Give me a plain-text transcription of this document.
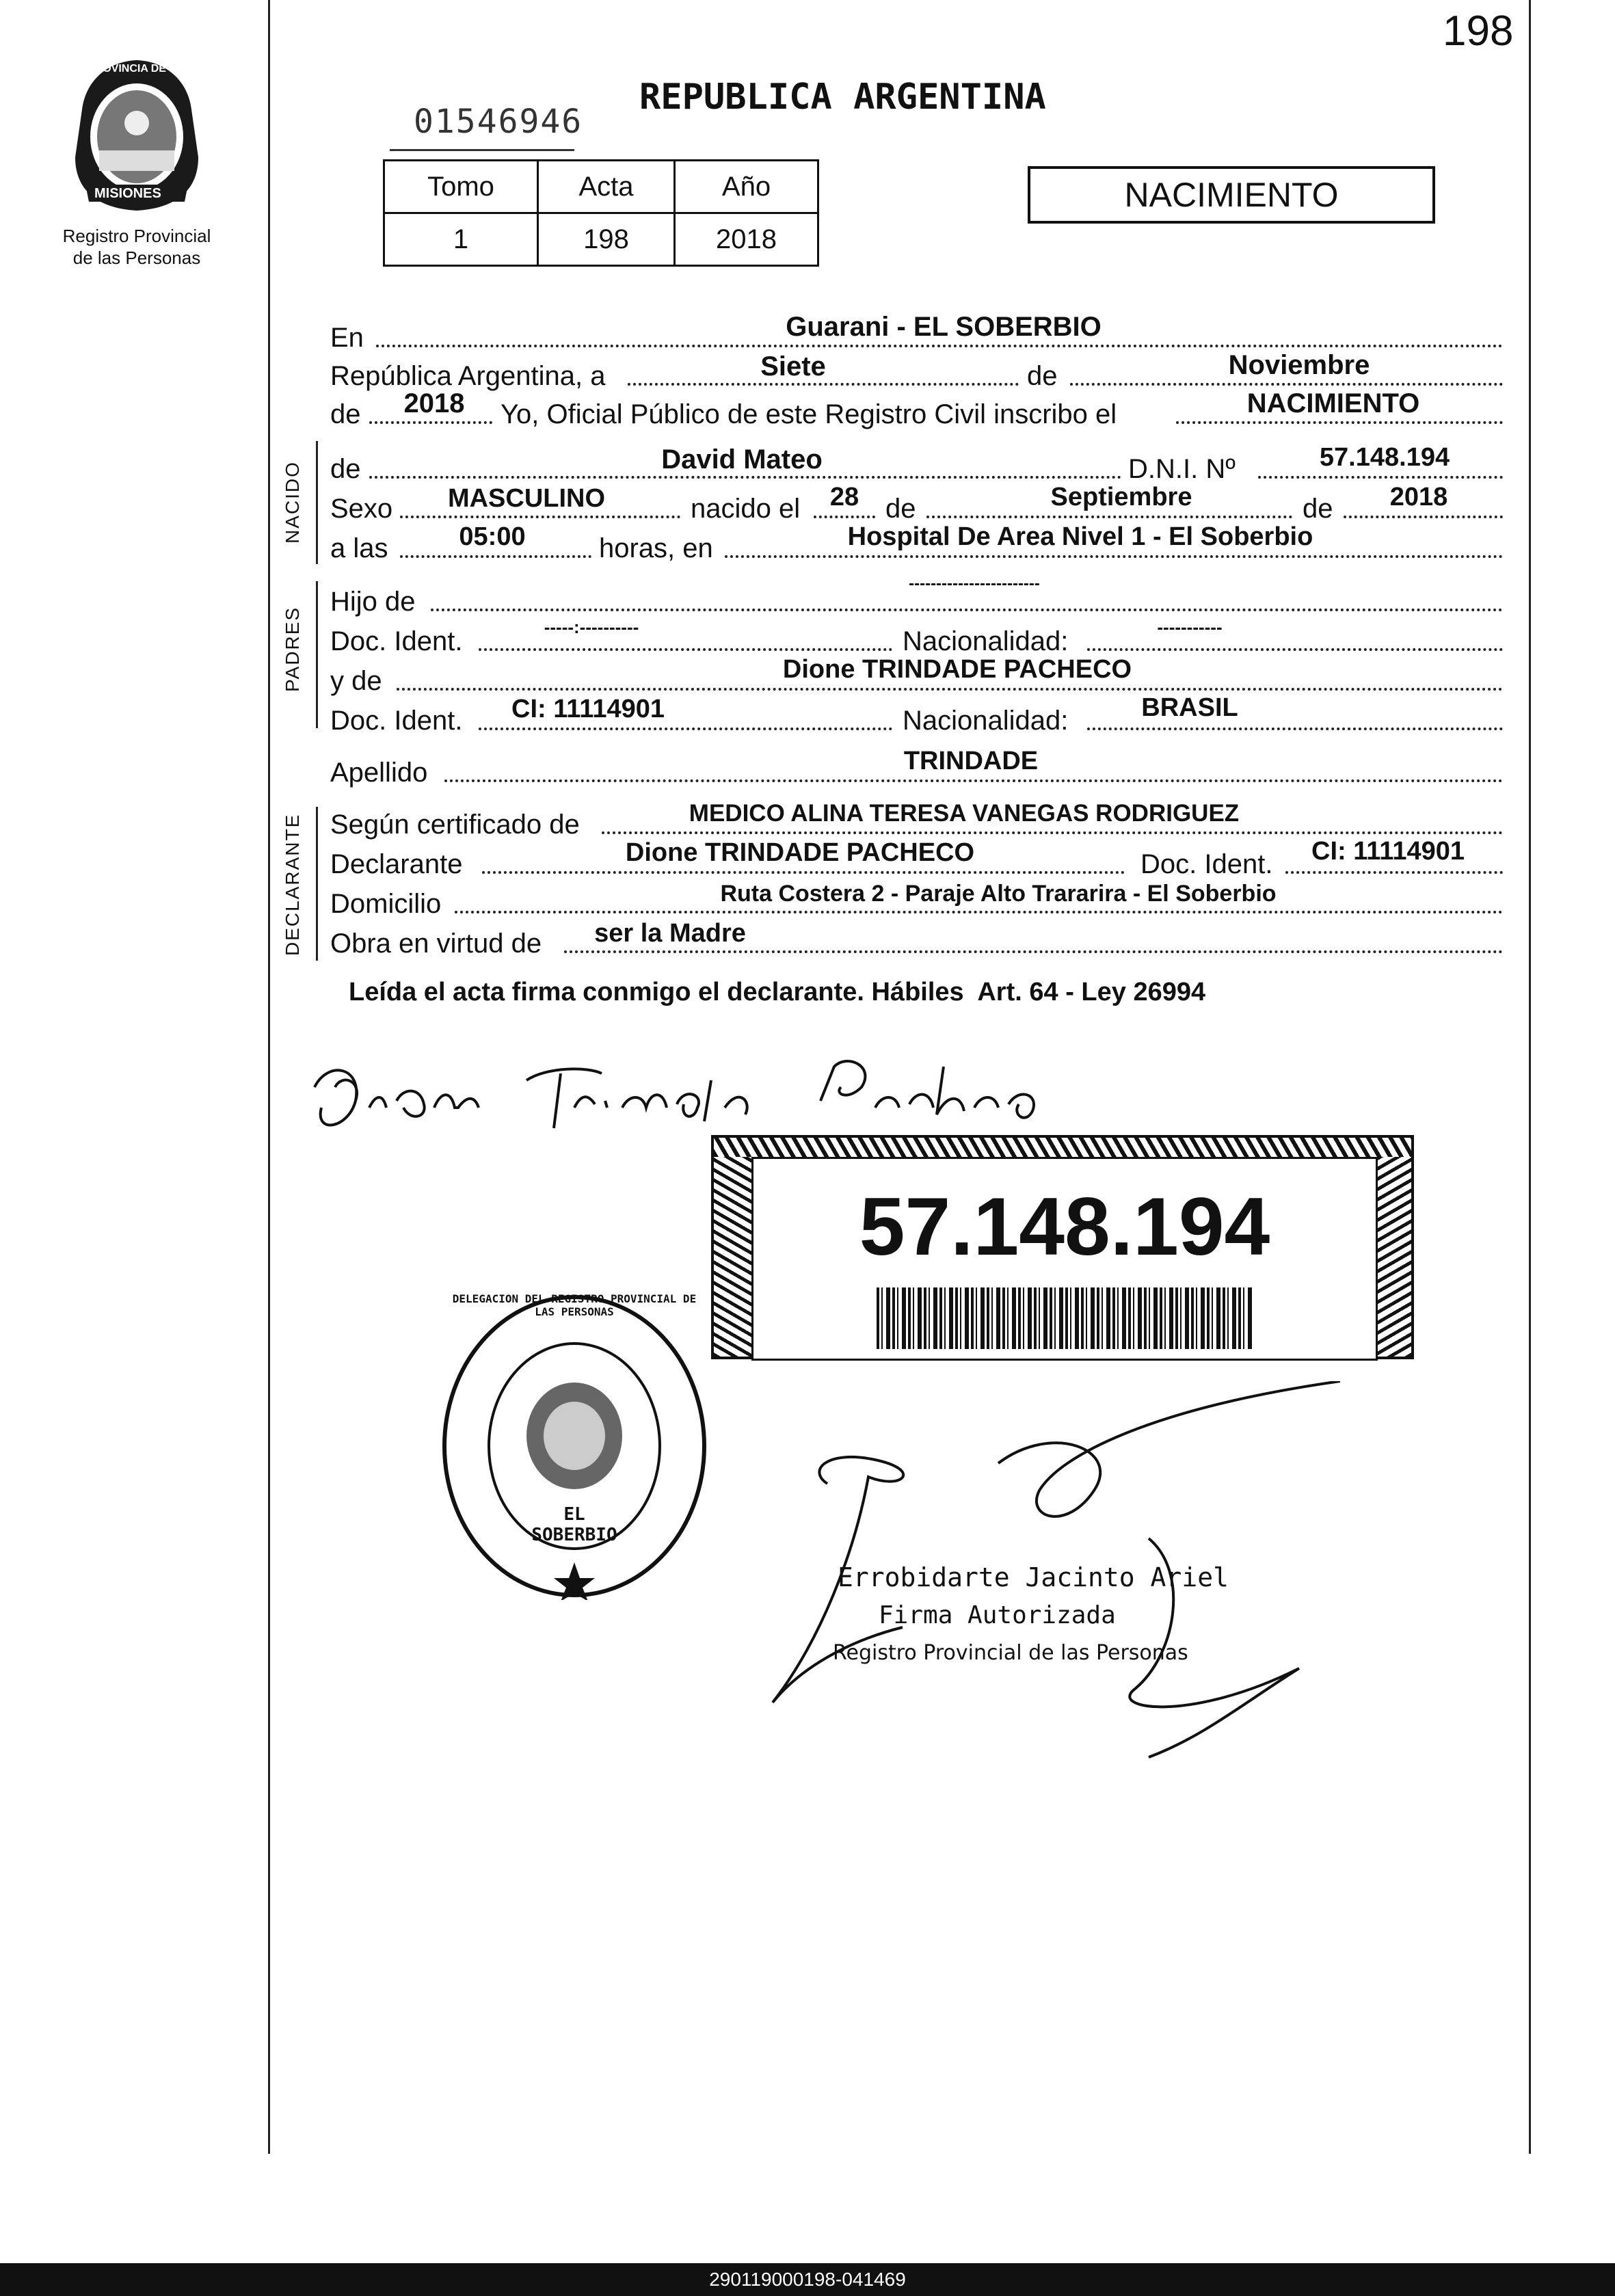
198
PROVINCIA DE
MISIONES
Registro Provincial
de las Personas
01546946
REPUBLICA ARGENTINA
Tomo	Acta	Año
1	198	2018
NACIMIENTO
NACIDO
PADRES
DECLARANTE
En	Guarani - EL SOBERBIO
República Argentina, a	Siete	de	Noviembre
de	2018	Yo, Oficial Público de este Registro Civil inscribo el	NACIMIENTO
de	David Mateo	D.N.I. Nº	57.148.194
Sexo	MASCULINO	nacido el	28 de	Septiembre	de	2018
a las	05:00	horas, en	Hospital De Area Nivel 1 - El Soberbio
Hijo de
------------------------
Doc. Ident.	-----:----------	Nacionalidad:	-----------
y de	Dione TRINDADE PACHECO
Doc. Ident.	CI: 11114901	Nacionalidad:	BRASIL
Apellido	TRINDADE
Según certificado de	MEDICO ALINA TERESA VANEGAS RODRIGUEZ
Declarante	Dione TRINDADE PACHECO	Doc. Ident.	CI: 11114901
Domicilio	Ruta Costera 2 - Paraje Alto Trararira - El Soberbio
Obra en virtud de ser la Madre
Leída el acta firma conmigo el declarante. Hábiles  Art. 64 - Ley 26994
57.148.194
DELEGACION DEL REGISTRO PROVINCIAL DE LAS PERSONAS
EL SOBERBIO
Errobidarte Jacinto Ariel
Firma Autorizada
Registro Provincial de las Personas
290119000198-041469
